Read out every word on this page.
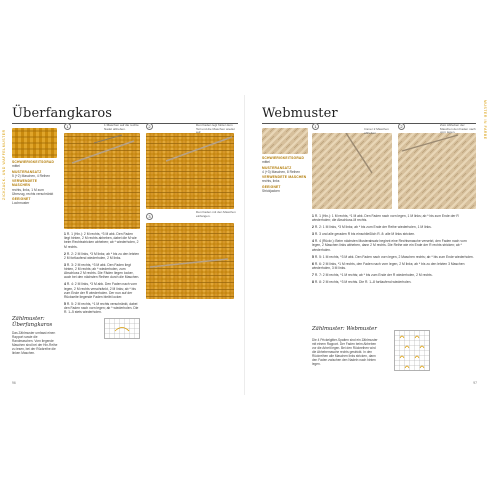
ZICKZACK- UND WAFFELMUSTER
MUSTER IN FARBE
Überfangkaros
SCHWIERIGKEITSGRAD
mittel
MUSTERANSATZ
5 (+2) Maschen, 4 Reihen
VERWENDETE MASCHEN
rechts, links, 1 M zum Überzug, rechts verschränkt
GEEIGNET
Lochmuster
1	1 Maschen auf die rechte Nadel abheben.	2	Den Faden legt hinter dem Teil und die Maschen wieder auf.
3
Den Faden mit den Maschen einfangen.

1 R. 1 (Hin.): 2 M rechts, *3 M abk. Den Faden liegt hinten, 2 M rechts abheben, dabei die M wie beim Rechtsstricken abheben; ab * wiederholen, 2 M rechts.

2 R. 2: 2 M links, *3 M links; ab * bis zu den letzten 2 M fortlaufend wiederholen, 2 M links.

3 R. 3: 2 M rechts, *3 M abk. Den Faden liegt hinten, 2 M rechts; ab * wiederholen, zum Abschluss 2 M rechts. Die Fäden liegen locker, auch bei den nächsten Reihen durch die Maschen.

4 R. 4: 2 M links, *3 M abk. Den Faden nach vorn legen, 2 M rechts verschränkt, 2 M links; ab * bis zum Ende der R wiederholen. Der nun auf der Rückseite liegende Faden bleibt locker.

5 R. 5: 2 M rechts, *1 M rechts verschränkt, dabei den Faden nach vorn legen; ab * wiederholen. Die R. 1–5 stets wiederholen.

Zählmuster: Überfangkaros
Das Zählmuster umfasst einen Rapport sowie die Randmaschen. Vorn liegende Maschen sind bei der Hin-Reihe zu lesen, bei der Rückreihe die linken Maschen.
96
Webmuster
SCHWIERIGKEITSGRAD
mittel
MUSTERANSATZ
4 (+3) Maschen, 8 Reihen
VERWENDETE MASCHEN
rechts, links
GEEIGNET
Strickjacken
1	Immer 2 Maschen abheben.
2	Zum Abheben der Maschen den Faden nach vorn legen.

1 R. 1 (Hin.): 1 M rechts, *1 M abk. Den Faden nach vorn legen, 1 M links; ab * bis zum Ende der R wiederholen; die Abschluss-M rechts.

2 R. 2: 1 M links, *3 M links; ab * bis zum Ende der Reihe wiederholen, 1 M links.

3 R. 3 und alle geraden R bis einschließlich R. 8: alle M links stricken.

4 R. 4 (Rückr.): Beim nächsten Musterabsatz beginnt eine Rechtsmasche versetzt, den Faden nach vorn legen, 2 Maschen links abheben, dann 2 M rechts. Die Reihe wie ein Ende der R rechts stricken; ab * wiederholen.

5 R. 5: 1 M rechts, *3 M abk. Den Faden nach vorn legen, 2 Maschen rechts; ab * bis zum Ende wiederholen.

6 R. 6: 2 M links, *1 M rechts, den Faden nach vorn legen, 2 M links; ab * bis zu den letzten 3 Maschen wiederholen, 3 M links.

7 R. 7: 2 M rechts, *1 M rechts; ab * bis zum Ende der R wiederholen, 2 M rechts.

8 R. 8: 2 M rechts, *3 M rechts. Die R. 1–8 fortlaufend wiederholen.

Zählmuster: Webmuster
Die 4 Prickelgitter-Spalten sind ein Zählmuster mit einem Rapport. Der Faden beim Abheben vor die Arbeit legen. Bei den Rückreihen wird die Abhebemasche rechts gestrickt. In den Rückreihen alle Maschen links stricken, dann den Faden zwischen den Nadeln nach hinten legen.
97
